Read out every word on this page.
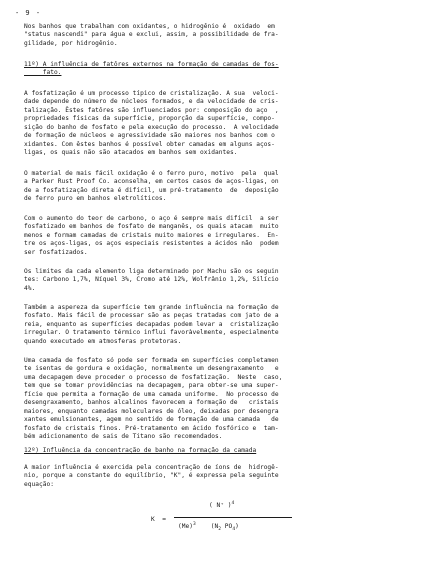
- 9 -

Nos banhos que trabalham com oxidantes, o hidrogênio é  oxidado  em

"status nascendi" para água e exclui, assim, a possibilidade de fra-

gilidade, por hidrogênio.

11º) A influência de fatôres externos na formação de camadas de fos-

fato.

A fosfatização é um processo típico de cristalização. A sua  veloci-

dade depende do número de núcleos formados, e da velocidade de cris-

talização. Êstes fatôres são influenciados por: composição do aço  ,

propriedades físicas da superfície, proporção da superfície, compo-

sição do banho de fosfato e pela execução do processo.  A velocidade

de formação de núcleos e agressividade são maiores nos banhos com o

xidantes. Com êstes banhos é possível obter camadas em alguns aços-

ligas, os quais não são atacados em banhos sem oxidantes.

O material de mais fácil oxidação é o ferro puro, motivo  pela  qual

a Parker Rust Proof Co. aconselha, em certos casos de aços-ligas, on

de a fosfatização direta é difícil, um pré-tratamento  de  deposição

de ferro puro em banhos eletrolíticos.

Com o aumento do teor de carbono, o aço é sempre mais difícil  a ser

fosfatizado em banhos de fosfato de manganês, os quais atacam  muito

menos e formam camadas de cristais muito maiores e irregulares.  En-

tre os aços-ligas, os aços especiais resistentes a ácidos não  podem

ser fosfatizados.

Os limites da cada elemento liga determinado por Machu são os seguin

tes: Carbono 1,7%, Níquel 3%, Cromo até 12%, Wolfrânio 1,2%, Silício

4%.

Também a aspereza da superfície tem grande influência na formação de

fosfato. Mais fácil de processar são as peças tratadas com jato de a

reia, enquanto as superfícies decapadas podem levar a  cristalização

irregular. O tratamento térmico influi favoràvelmente, especialmente

quando executado em atmosferas protetoras.

Uma camada de fosfato só pode ser formada em superfícies completamen

te isentas de gordura e oxidação, normalmente um desengraxamento   e

uma decapagem deve proceder o processo de fosfatização.  Neste  caso,

tem que se tomar providências na decapagem, para obter-se uma super-

fície que permita a formação de uma camada uniforme.  No processo de

desengraxamento, banhos alcalinos favorecem a formação de   cristais

maiores, enquanto camadas moleculares de óleo, deixadas por desengra

xantes emulsionantes, agem no sentido de formação de uma camada   de

fosfato de cristais finos. Pré-tratamento em ácido fosfórico e  tam-

bém adicionamento de sais de Titano são recomendados.

12º) Influência da concentração de banho na formação da camada

A maior influência é exercida pela concentração de íons de  hidrogê-

nio, porque a constante do equilíbrio, "K", é expressa pela seguinte

equação:

K  =
( N⁺ )$^4$
$(Me)^3$ ($N_2$ $PO_4$)
